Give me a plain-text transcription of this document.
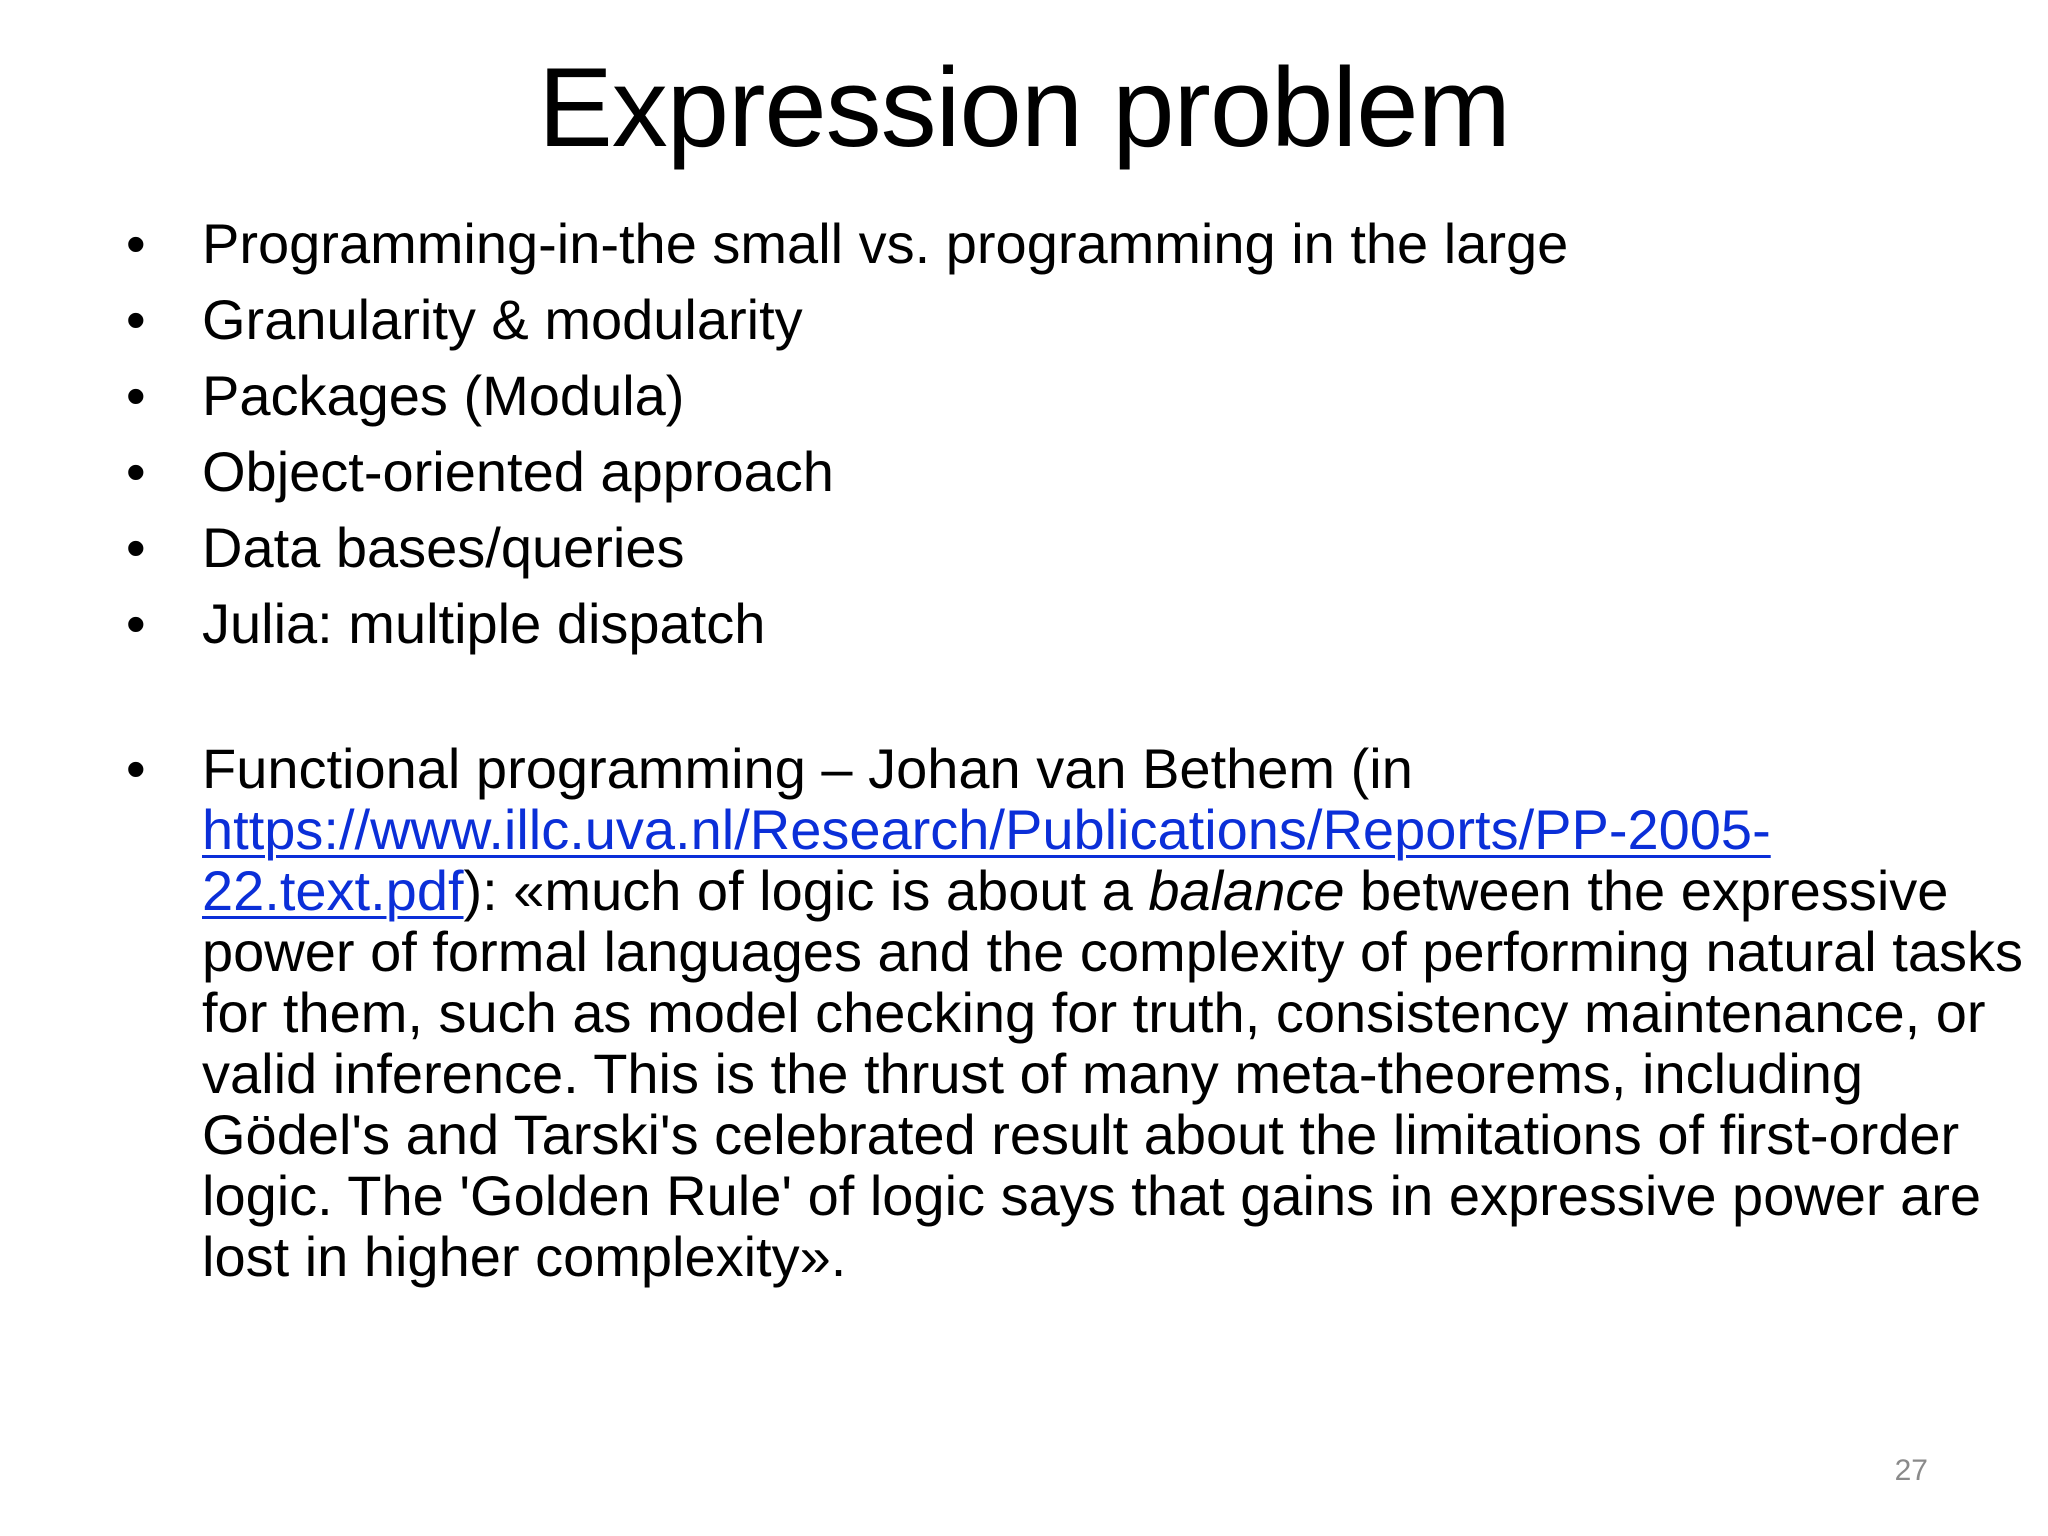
Expression problem
• Programming-in-the small vs. programming in the large
• Granularity & modularity
• Packages (Modula)
• Object-oriented approach
• Data bases/queries
• Julia: multiple dispatch
• Functional programming – Johan van Bethem (in
https://www.illc.uva.nl/Research/Publications/Reports/PP-2005-
22.text.pdf): «much of logic is about a balance between the expressive power of formal languages and the complexity of performing natural tasks for them, such as model checking for truth, consistency maintenance, or valid inference. This is the thrust of many meta-theorems, including Gödel's and Tarski's celebrated result about the limitations of first-order logic. The 'Golden Rule' of logic says that gains in expressive power are lost in higher complexity».
27
